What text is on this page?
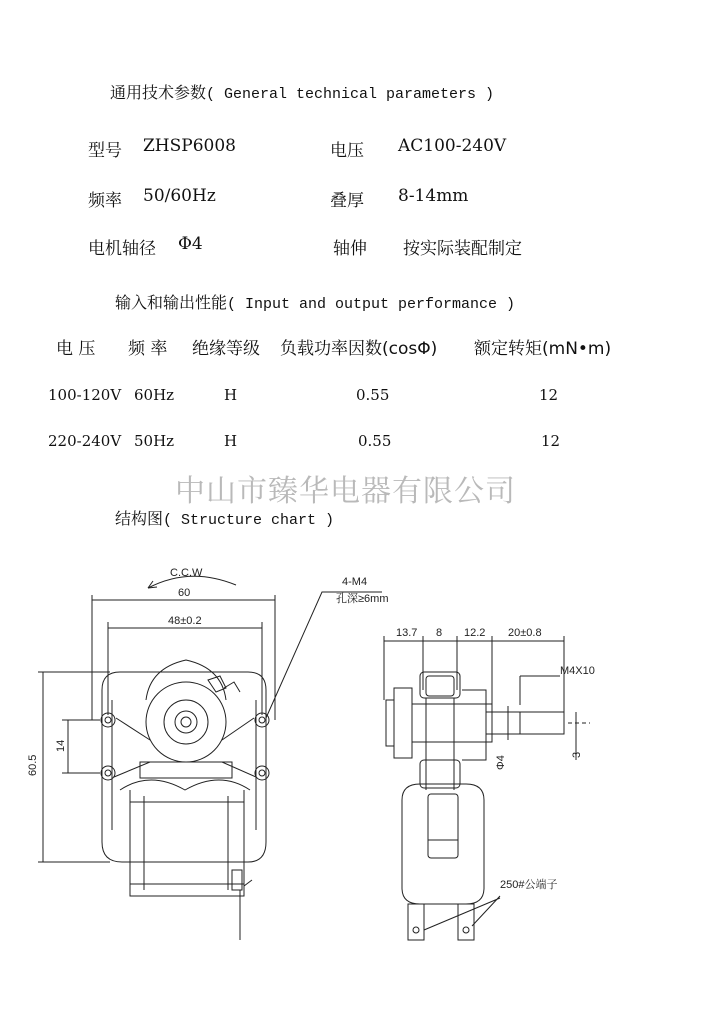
通用技术参数( General technical parameters )
型号 ZHSP6008	电压 AC100-240V
频率 50/60Hz	叠厚 8-14mm
电机轴径 Φ4	轴伸 按实际装配制定
输入和输出性能( Input and output performance )
电 压 频 率 绝缘等级 负载功率因数(cosΦ) 额定转矩(mN•m)
100-120V 60Hz	H	0.55	12
220-240V 50Hz	H	0.55	12
中山市臻华电器有限公司
结构图( Structure chart )
C.C.W
60
48±0.2
4-M4
孔深≥6mm
13.7 8 12.2 20±0.8
M4X10
250#公端子
60.5
14
Φ4
3
